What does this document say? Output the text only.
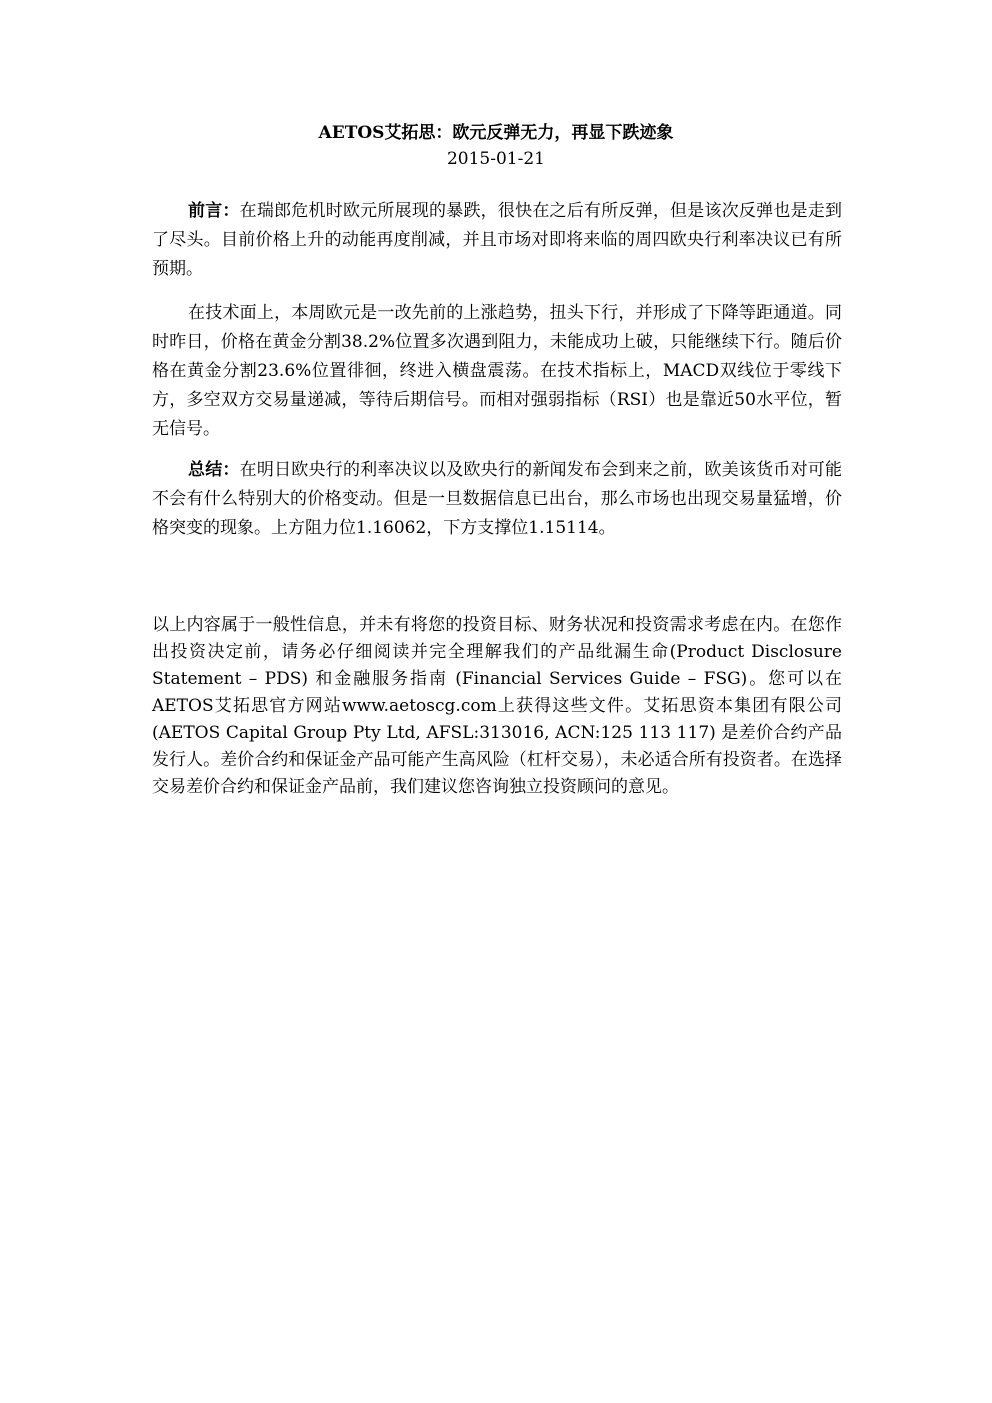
AETOS艾拓思：欧元反弹无力，再显下跌迹象

2015-01-21

前言：在瑞郎危机时欧元所展现的暴跌，很快在之后有所反弹，但是该次反弹也是走到了尽头。目前价格上升的动能再度削减，并且市场对即将来临的周四欧央行利率决议已有所预期。

在技术面上，本周欧元是一改先前的上涨趋势，扭头下行，并形成了下降等距通道。同时昨日，价格在黄金分割38.2%位置多次遇到阻力，未能成功上破，只能继续下行。随后价格在黄金分割23.6%位置徘徊，终进入横盘震荡。在技术指标上，MACD双线位于零线下方，多空双方交易量递减，等待后期信号。而相对强弱指标（RSI）也是靠近50水平位，暂无信号。

总结：在明日欧央行的利率决议以及欧央行的新闻发布会到来之前，欧美该货币对可能不会有什么特别大的价格变动。但是一旦数据信息已出台，那么市场也出现交易量猛增，价格突变的现象。上方阻力位1.16062，下方支撑位1.15114。

以上内容属于一般性信息，并未有将您的投资目标、财务状况和投资需求考虑在内。在您作出投资决定前，请务必仔细阅读并完全理解我们的产品纰漏生命(Product Disclosure Statement – PDS) 和金融服务指南 (Financial Services Guide – FSG)。您可以在AETOS艾拓思官方网站www.aetoscg.com上获得这些文件。艾拓思资本集团有限公司(AETOS Capital Group Pty Ltd, AFSL:313016, ACN:125 113 117) 是差价合约产品发行人。差价合约和保证金产品可能产生高风险（杠杆交易），未必适合所有投资者。在选择交易差价合约和保证金产品前，我们建议您咨询独立投资顾问的意见。
